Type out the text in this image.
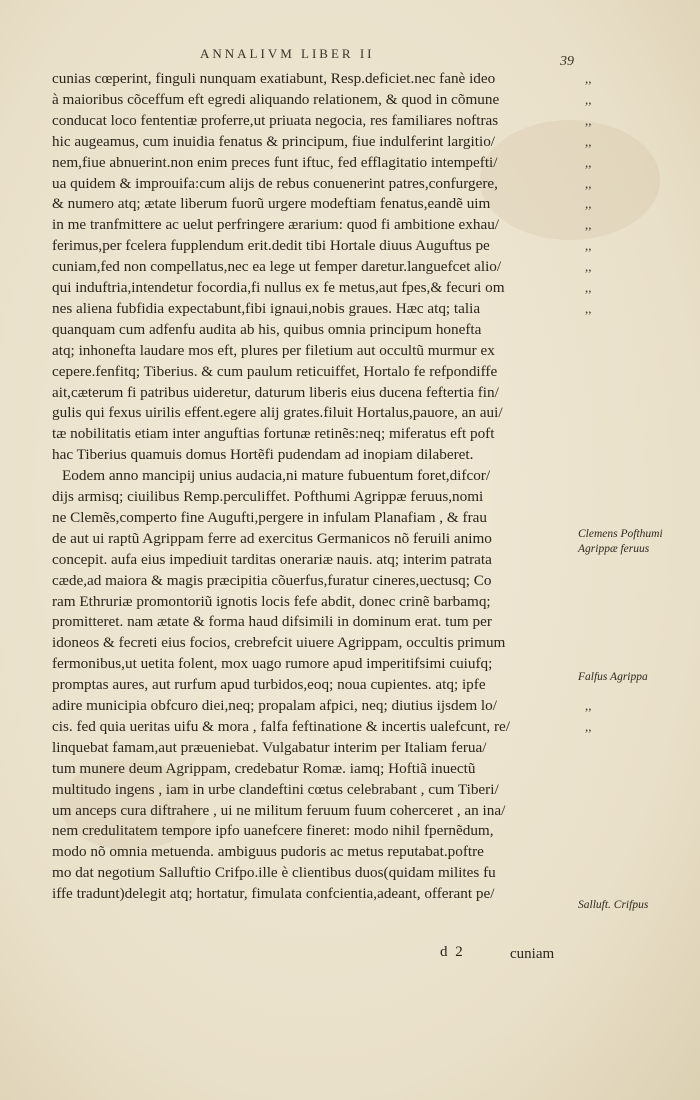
ANNALIVM LIBER II
39
cunias cœperint, finguli nunquam exatiabunt, Resp.deficiet.nec fanè ideo
à maioribus cõceffum eft egredi aliquando relationem, & quod in cõmune
conducat loco fententiæ proferre,ut priuata negocia, res familiares noftras
hic augeamus, cum inuidia fenatus & principum, fiue indulferint largitio/
nem,fiue abnuerint.non enim preces funt iftuc, fed efflagitatio intempefti/
ua quidem & improuifa:cum alijs de rebus conuenerint patres,confurgere,
& numero atq; ætate liberum fuorũ urgere modeftiam fenatus,eandẽ uim
in me tranfmittere ac uelut perfringere ærarium: quod fi ambitione exhau/
ferimus,per fcelera fupplendum erit.dedit tibi Hortale diuus Auguftus pe
cuniam,fed non compellatus,nec ea lege ut femper daretur.languefcet alio/
qui induftria,intendetur focordia,fi nullus ex fe metus,aut fpes,& fecuri om
nes aliena fubfidia expectabunt,fibi ignaui,nobis graues. Hæc atq; talia
quanquam cum adfenfu audita ab his, quibus omnia principum honefta
atq; inhonefta laudare mos eft, plures per filetium aut occultũ murmur ex
cepere.fenfitq; Tiberius. & cum paulum reticuiffet, Hortalo fe refpondiffe
ait,cæterum fi patribus uideretur, daturum liberis eius ducena feftertia fin/
gulis qui fexus uirilis effent.egere alij grates.filuit Hortalus,pauore, an aui/
tæ nobilitatis etiam inter anguftias fortunæ retinẽs:neq; miferatus eft poft
hac Tiberius quamuis domus Hortẽfi pudendam ad inopiam dilaberet.
Eodem anno mancipij unius audacia,ni mature fubuentum foret,difcor/
dijs armisq; ciuilibus Remp.perculiffet. Pofthumi Agrippæ feruus,nomi
ne Clemẽs,comperto fine Augufti,pergere in infulam Planafiam , & frau
de aut ui raptũ Agrippam ferre ad exercitus Germanicos nõ feruili animo
concepit. aufa eius impediuit tarditas onerariæ nauis. atq; interim patrata
cæde,ad maiora & magis præcipitia cõuerfus,furatur cineres,uectusq; Co
ram Ethruriæ promontoriũ ignotis locis fefe abdit, donec crinẽ barbamq;
promitteret. nam ætate & forma haud difsimili in dominum erat. tum per
idoneos & fecreti eius focios, crebrefcit uiuere Agrippam, occultis primum
fermonibus,ut uetita folent, mox uago rumore apud imperitifsimi cuiufq;
promptas aures, aut rurfum apud turbidos,eoq; noua cupientes. atq; ipfe
adire municipia obfcuro diei,neq; propalam afpici, neq; diutius ijsdem lo/
cis. fed quia ueritas uifu & mora , falfa feftinatione & incertis ualefcunt, re/
linquebat famam,aut præueniebat. Vulgabatur interim per Italiam ferua/
tum munere deum Agrippam, credebatur Romæ. iamq; Hoftiã inuectũ
multitudo ingens , iam in urbe clandeftini cœtus celebrabant , cum Tiberi/
um anceps cura diftrahere , ui ne militum feruum fuum coherceret , an ina/
nem credulitatem tempore ipfo uanefcere fineret: modo nihil fpernẽdum,
modo nõ omnia metuenda. ambiguus pudoris ac metus reputabat.poftre
mo dat negotium Salluftio Crifpo.ille è clientibus duos(quidam milites fu
iffe tradunt)delegit atq; hortatur, fimulata confcientia,adeant, offerant pe/
,,
,,
,,
,,
,,
,,
,,
,,
,,
,,
,,
,,
,,
,,
Clemens Pofthumi Agrippæ feruus
Falfus Agrippa
Salluft. Crifpus
d 2	cuniam
